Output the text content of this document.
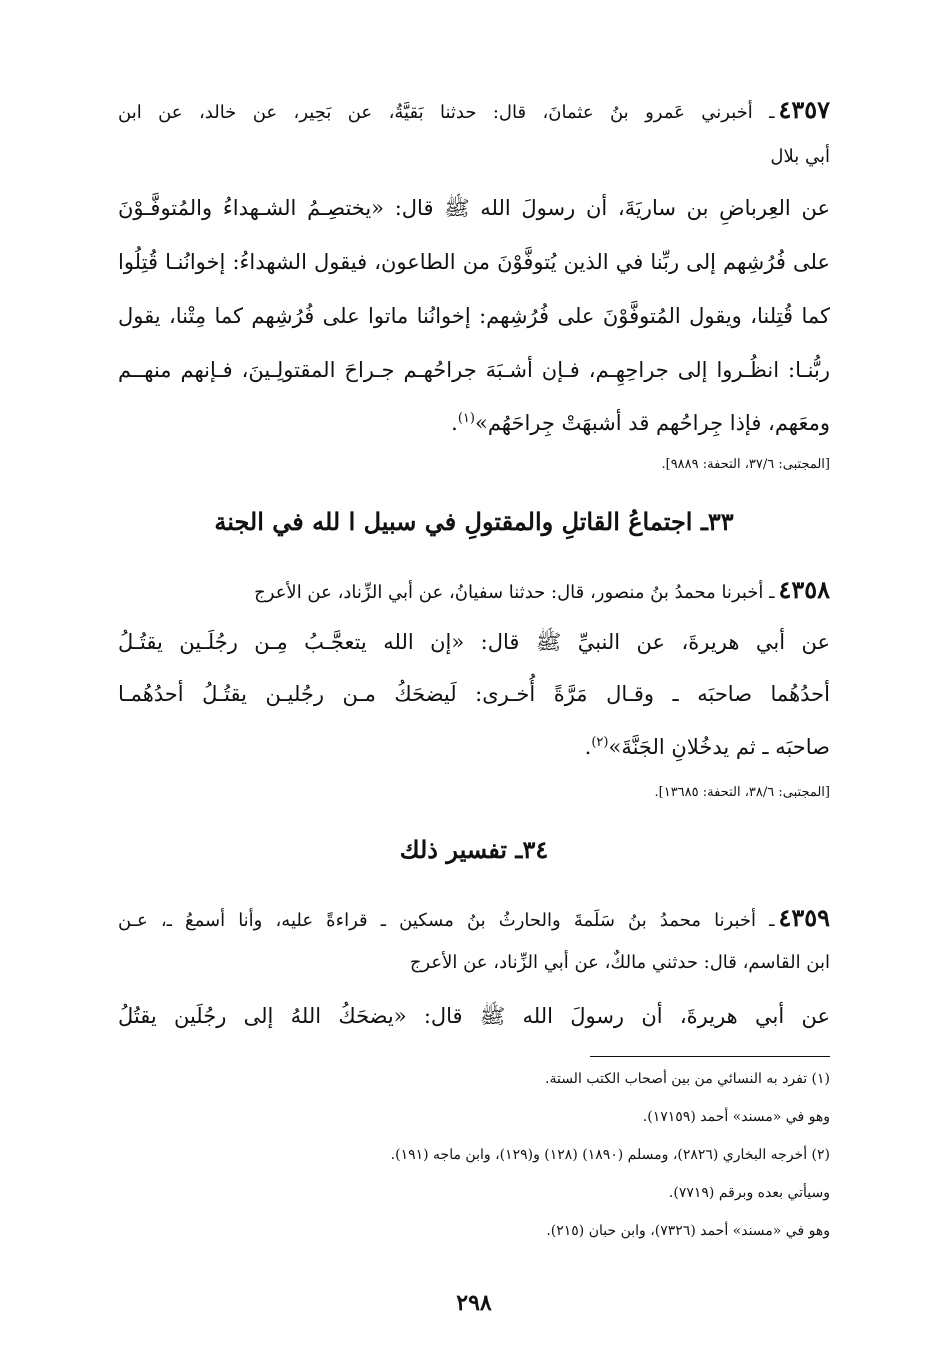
٤٣٥٧ـ أخبرني عَمرو بنُ عثمانَ، قال: حدثنا بَقيَّةُ، عن بَحِير، عن خالد، عن ابن
أبي بلال
عن العِرباضِ بن ساريَةَ، أن رسولَ الله ﷺ قال: «يختصِـمُ الشـهداءُ والمُتوفَّـوْنَ
على فُرُشِهم إلى ربِّنا في الذين يُتوفَّوْنَ من الطاعون، فيقول الشهداءُ: إخوانُنـا قُتِلُوا
كما قُتِلنا، ويقول المُتوفَّوْنَ على فُرُشِهم: إخوانُنا ماتوا على فُرُشِهم كما مِتْنا، يقول
ربُّنـا: انظُـروا إلى جراحِهِـم، فـإن أشـبَهَ جراحُهـم جـراحَ المقتولِـينَ، فـإنهم منهــم
ومعَهم، فإذا جِراحُهم قد أشبهَتْ جِراحَهُم»$^{(١)}$.
[المجتبى: ٣٧/٦، التحفة: ٩٨٨٩].
٣٣ـ اجتماعُ القاتلِ والمقتولِ في سبيل ا لله في الجنة
٤٣٥٨ـ أخبرنا محمدُ بنُ منصور، قال: حدثنا سفيانُ، عن أبي الزِّناد، عن الأعرج
عن أبي هريرةَ، عن النبيِّ ﷺ قال: «إن الله يتعجَّـبُ مِـن رجُلَـين يقتُـلُ
أحدُهُما صاحبَه ـ وقـال مَرَّةً أُخـرى: لَيضحَكُ مـن رجُليـن يقتُـلُ أحدُهُمـا
صاحبَه ـ ثم يدخُلانِ الجَنَّةَ»$^{(٢)}$.
[المجتبى: ٣٨/٦، التحفة: ١٣٦٨٥].
٣٤ـ تفسير ذلك
٤٣٥٩ـ أخبرنا محمدُ بنُ سَلَمةَ والحارثُ بنُ مسكين ـ قراءةً عليه، وأنا أسمعُ ـ، عـن
ابن القاسم، قال: حدثني مالكٌ، عن أبي الزِّناد، عن الأعرج
عن أبي هريرةَ، أن رسولَ الله ﷺ قال: «يضحَكُ اللهُ إلى رجُلَين يقتُلُ
(١) تفرد به النسائي من بين أصحاب الكتب الستة.
وهو في «مسند» أحمد (١٧١٥٩).
(٢) أخرجه البخاري (٢٨٢٦)، ومسلم (١٨٩٠) (١٢٨) و(١٢٩)، وابن ماجه (١٩١).
وسيأتي بعده وبرقم (٧٧١٩).
وهو في «مسند» أحمد (٧٣٢٦)، وابن حبان (٢١٥).
٢٩٨
